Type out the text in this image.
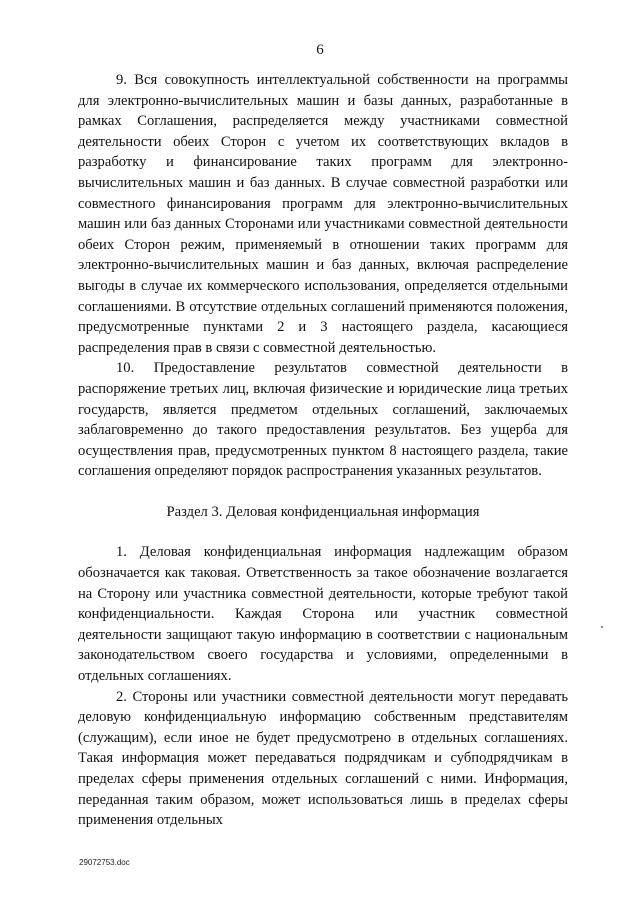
6

9. Вся совокупность интеллектуальной собственности на программы для электронно-вычислительных машин и базы данных, разработанные в рамках Соглашения, распределяется между участниками совместной деятельности обеих Сторон с учетом их соответствующих вкладов в разработку и финансирование таких программ для электронно-вычислительных машин и баз данных. В случае совместной разработки или совместного финансирования программ для электронно-вычислительных машин или баз данных Сторонами или участниками совместной деятельности обеих Сторон режим, применяемый в отношении таких программ для электронно-вычислительных машин и баз данных, включая распределение выгоды в случае их коммерческого использования, определяется отдельными соглашениями. В отсутствие отдельных соглашений применяются положения, предусмотренные пунктами 2 и 3 настоящего раздела, касающиеся распределения прав в связи с совместной деятельностью.

10. Предоставление результатов совместной деятельности в распоряжение третьих лиц, включая физические и юридические лица третьих государств, является предметом отдельных соглашений, заключаемых заблаговременно до такого предоставления результатов. Без ущерба для осуществления прав, предусмотренных пунктом 8 настоящего раздела, такие соглашения определяют порядок распространения указанных результатов.

Раздел 3. Деловая конфиденциальная информация

1. Деловая конфиденциальная информация надлежащим образом обозначается как таковая. Ответственность за такое обозначение возлагается на Сторону или участника совместной деятельности, которые требуют такой конфиденциальности. Каждая Сторона или участник совместной деятельности защищают такую информацию в соответствии с национальным законодательством своего государства и условиями, определенными в отдельных соглашениях.

2. Стороны или участники совместной деятельности могут передавать деловую конфиденциальную информацию собственным представителям (служащим), если иное не будет предусмотрено в отдельных соглашениях. Такая информация может передаваться подрядчикам и субподрядчикам в пределах сферы применения отдельных соглашений с ними. Информация, переданная таким образом, может использоваться лишь в пределах сферы применения отдельных

29072753.doc
